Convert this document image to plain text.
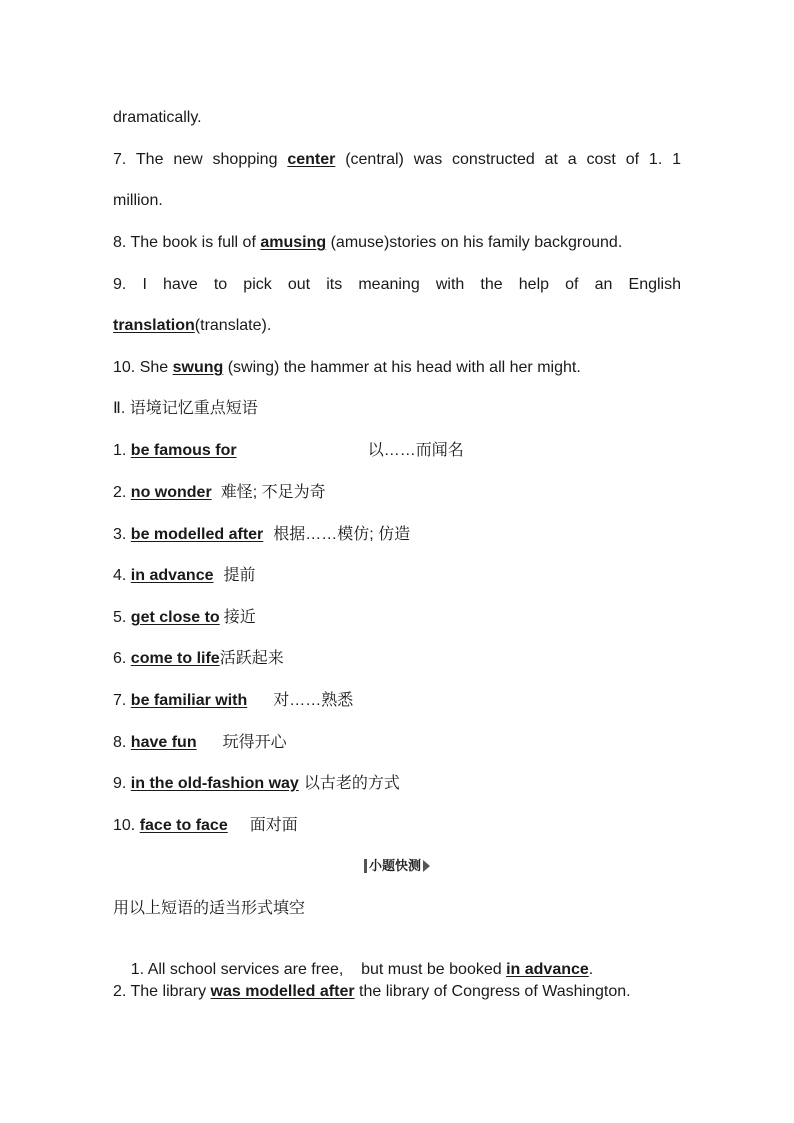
dramatically.
7. The new shopping center (central) was constructed at a cost of 1. 1
million.
8. The book is full of amusing (amuse)stories on his family background.
9. I have to pick out its meaning with the help of an English
translation(translate).
10. She swung (swing) the hammer at his head with all her might.
Ⅱ. 语境记忆重点短语
1. be famous for	以……而闻名
2. no wonder 难怪; 不足为奇
3. be modelled after 根据……模仿; 仿造
4. in advance 提前
5. get close to 接近
6. come to life活跃起来
7. be familiar with 对……熟悉
8. have fun 玩得开心
9. in the old-fashion way 以古老的方式
10. face to face 面对面
小题快测
用以上短语的适当形式填空

1. All school services are free,    but must be booked in advance.

2. The library was modelled after the library of Congress of Washington.
